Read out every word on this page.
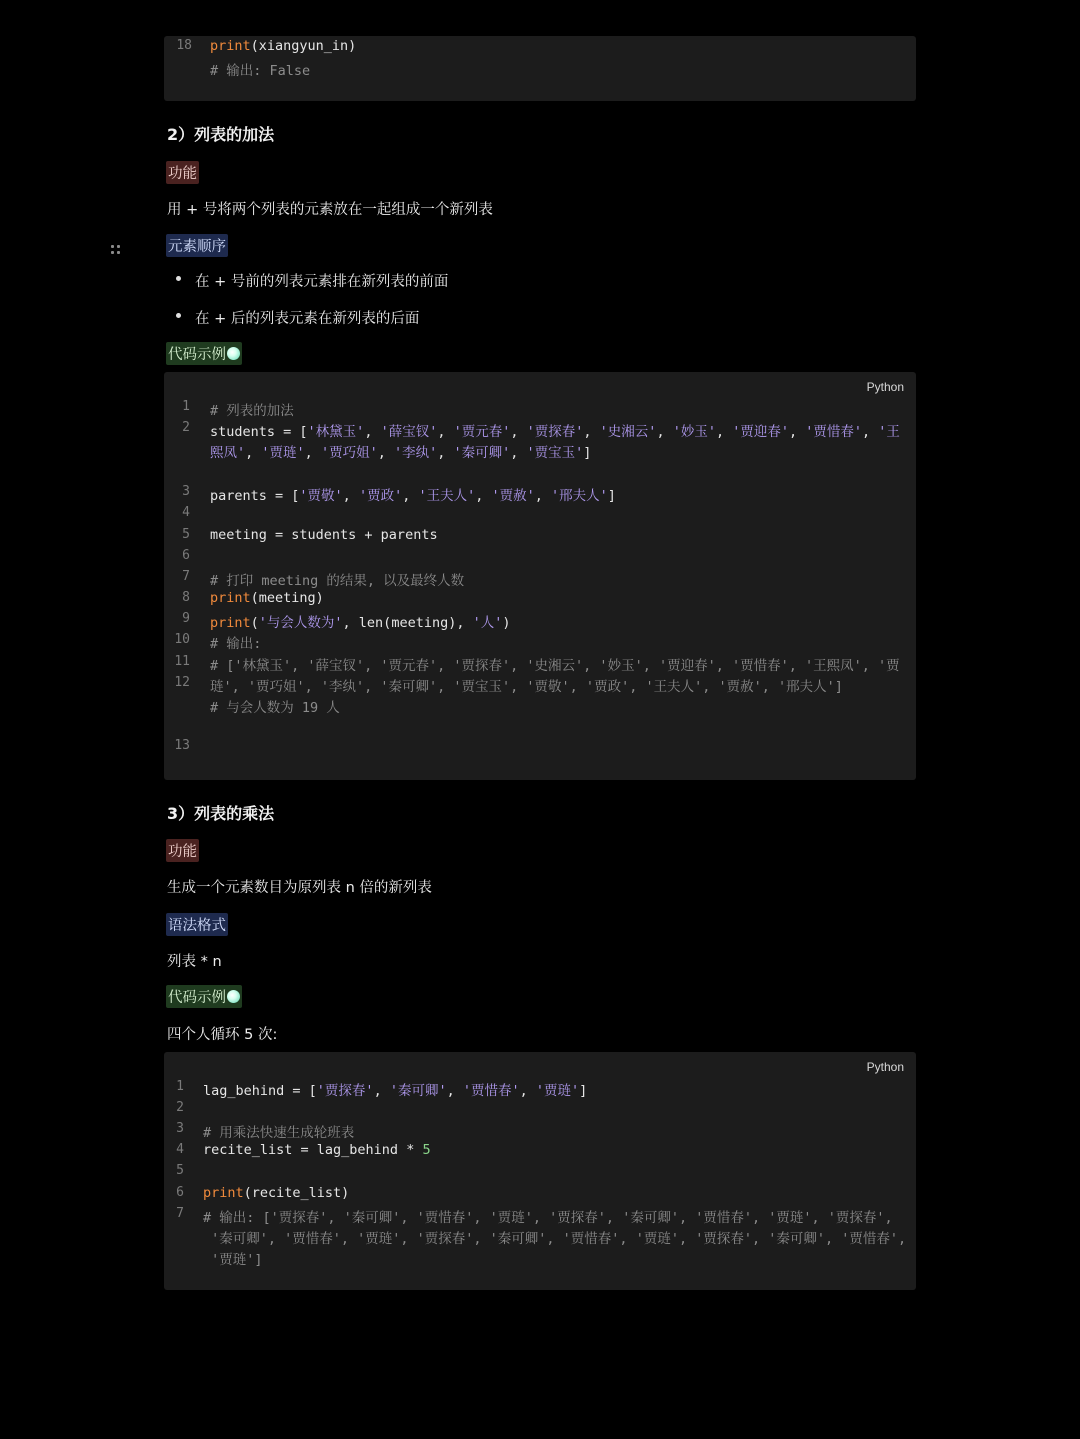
18 print(xiangyun_in)
# 输出: False
2）列表的加法
功能
用 + 号将两个列表的元素放在一起组成一个新列表
元素顺序
在 + 号前的列表元素排在新列表的前面
在 + 后的列表元素在新列表的后面
代码示例
Python
1 # 列表的加法
2 students = ['林黛玉', '薛宝钗', '贾元春', '贾探春', '史湘云', '妙玉', '贾迎春', '贾惜春', '王
熙凤', '贾琏', '贾巧姐', '李纨', '秦可卿', '贾宝玉']
3 parents = ['贾敬', '贾政', '王夫人', '贾赦', '邢夫人']
4
5 meeting = students + parents
6
7 # 打印 meeting 的结果, 以及最终人数
8 print(meeting)
9 print('与会人数为', len(meeting), '人')
10 # 输出:
11 # ['林黛玉', '薛宝钗', '贾元春', '贾探春', '史湘云', '妙玉', '贾迎春', '贾惜春', '王熙凤', '贾
12 琏', '贾巧姐', '李纨', '秦可卿', '贾宝玉', '贾敬', '贾政', '王夫人', '贾赦', '邢夫人']
# 与会人数为 19 人
13
3）列表的乘法
功能
生成一个元素数目为原列表 n 倍的新列表
语法格式
列表 * n
代码示例
四个人循环 5 次:
Python
1 lag_behind = ['贾探春', '秦可卿', '贾惜春', '贾琏']
2
3 # 用乘法快速生成轮班表
4 recite_list = lag_behind * 5
5
6 print(recite_list)
7 # 输出: ['贾探春', '秦可卿', '贾惜春', '贾琏', '贾探春', '秦可卿', '贾惜春', '贾琏', '贾探春',
'秦可卿', '贾惜春', '贾琏', '贾探春', '秦可卿', '贾惜春', '贾琏', '贾探春', '秦可卿', '贾惜春',
'贾琏']
